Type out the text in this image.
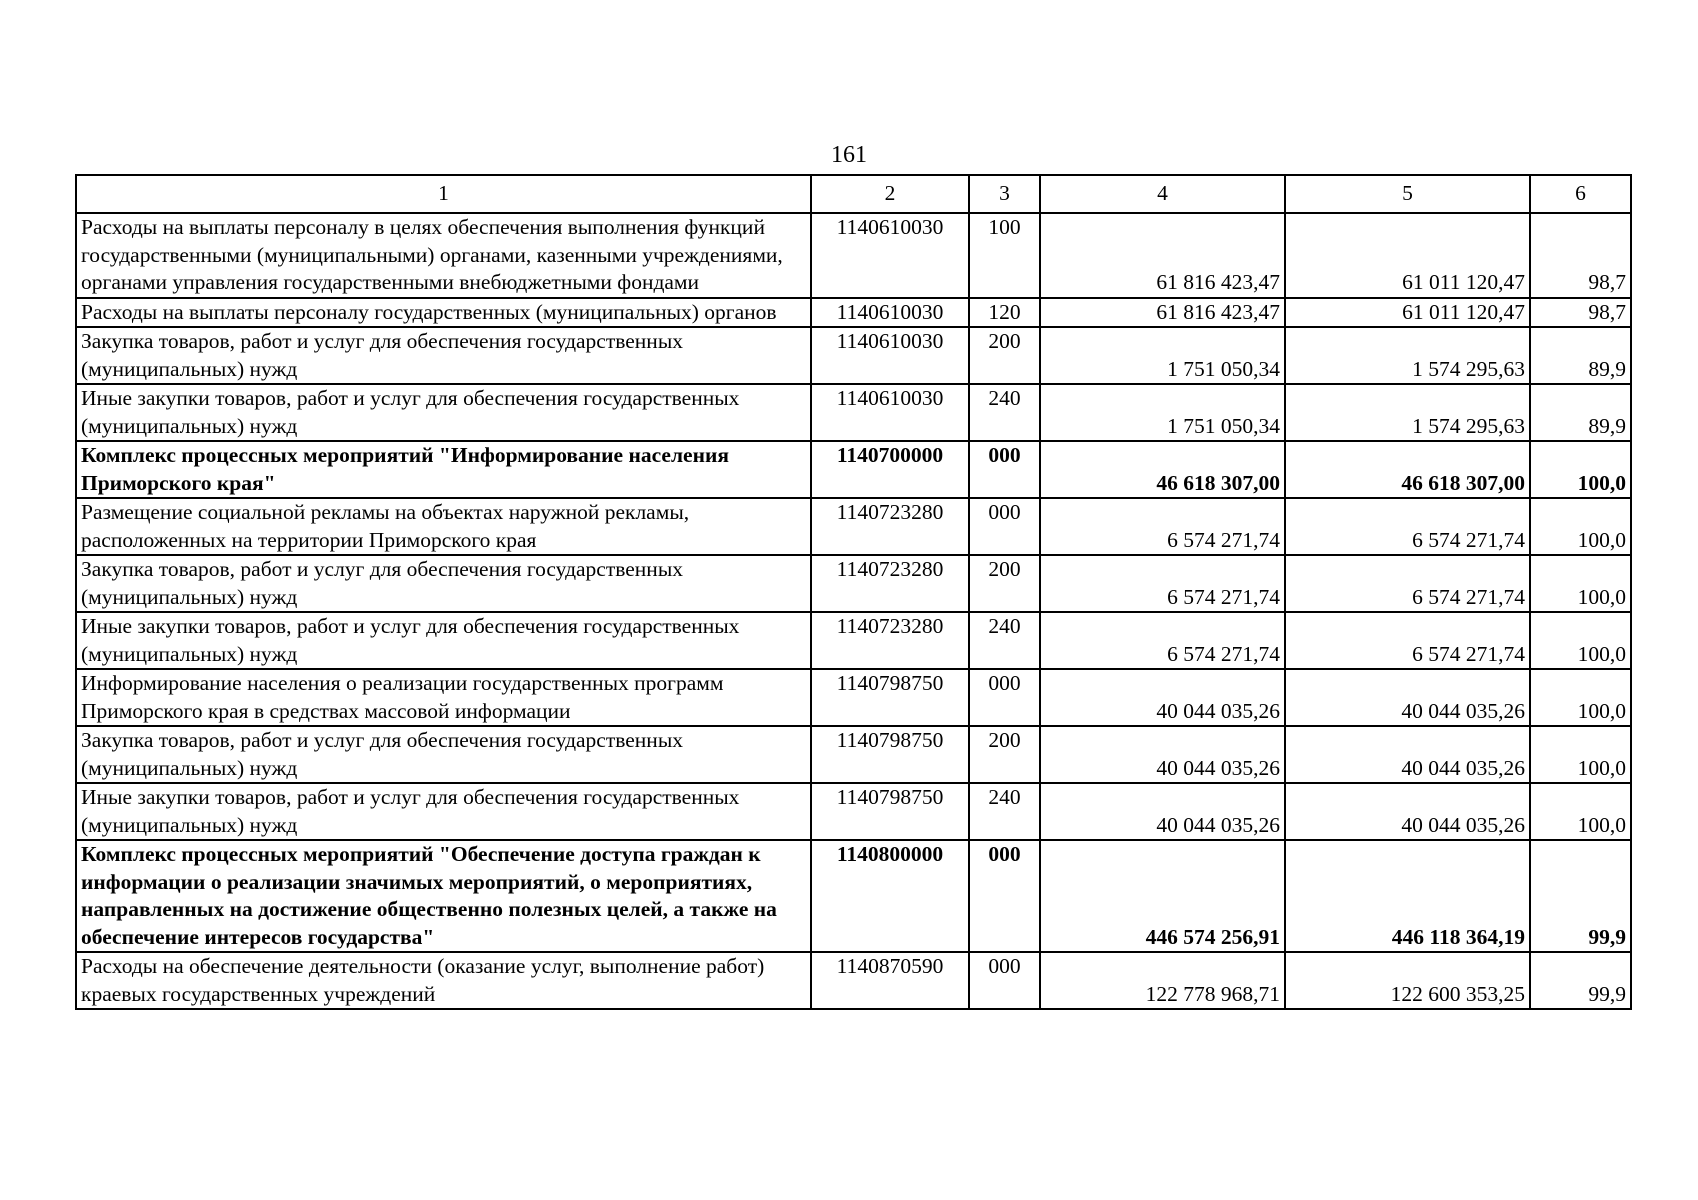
161
1	2	3	4	5	6
Расходы на выплаты персоналу в целях обеспечения выполнения функций государственными (муниципальными) органами, казенными учреждениями, органами управления государственными внебюджетными фондами	1140610030	100	61 816 423,47	61 011 120,47	98,7
Расходы на выплаты персоналу государственных (муниципальных) органов	1140610030	120	61 816 423,47	61 011 120,47	98,7
Закупка товаров, работ и услуг для обеспечения государственных (муниципальных) нужд	1140610030	200	1 751 050,34	1 574 295,63	89,9
Иные закупки товаров, работ и услуг для обеспечения государственных (муниципальных) нужд	1140610030	240	1 751 050,34	1 574 295,63	89,9
Комплекс процессных мероприятий "Информирование населения Приморского края"	1140700000	000	46 618 307,00	46 618 307,00	100,0
Размещение социальной рекламы на объектах наружной рекламы, расположенных на территории Приморского края	1140723280	000	6 574 271,74	6 574 271,74	100,0
Закупка товаров, работ и услуг для обеспечения государственных (муниципальных) нужд	1140723280	200	6 574 271,74	6 574 271,74	100,0
Иные закупки товаров, работ и услуг для обеспечения государственных (муниципальных) нужд	1140723280	240	6 574 271,74	6 574 271,74	100,0
Информирование населения о реализации государственных программ Приморского края в средствах массовой информации	1140798750	000	40 044 035,26	40 044 035,26	100,0
Закупка товаров, работ и услуг для обеспечения государственных (муниципальных) нужд	1140798750	200	40 044 035,26	40 044 035,26	100,0
Иные закупки товаров, работ и услуг для обеспечения государственных (муниципальных) нужд	1140798750	240	40 044 035,26	40 044 035,26	100,0
Комплекс процессных мероприятий "Обеспечение доступа граждан к информации о реализации значимых мероприятий, о мероприятиях, направленных на достижение общественно полезных целей, а также на обеспечение интересов государства"	1140800000	000	446 574 256,91	446 118 364,19	99,9
Расходы на обеспечение деятельности (оказание услуг, выполнение работ) краевых государственных учреждений	1140870590	000	122 778 968,71	122 600 353,25	99,9
